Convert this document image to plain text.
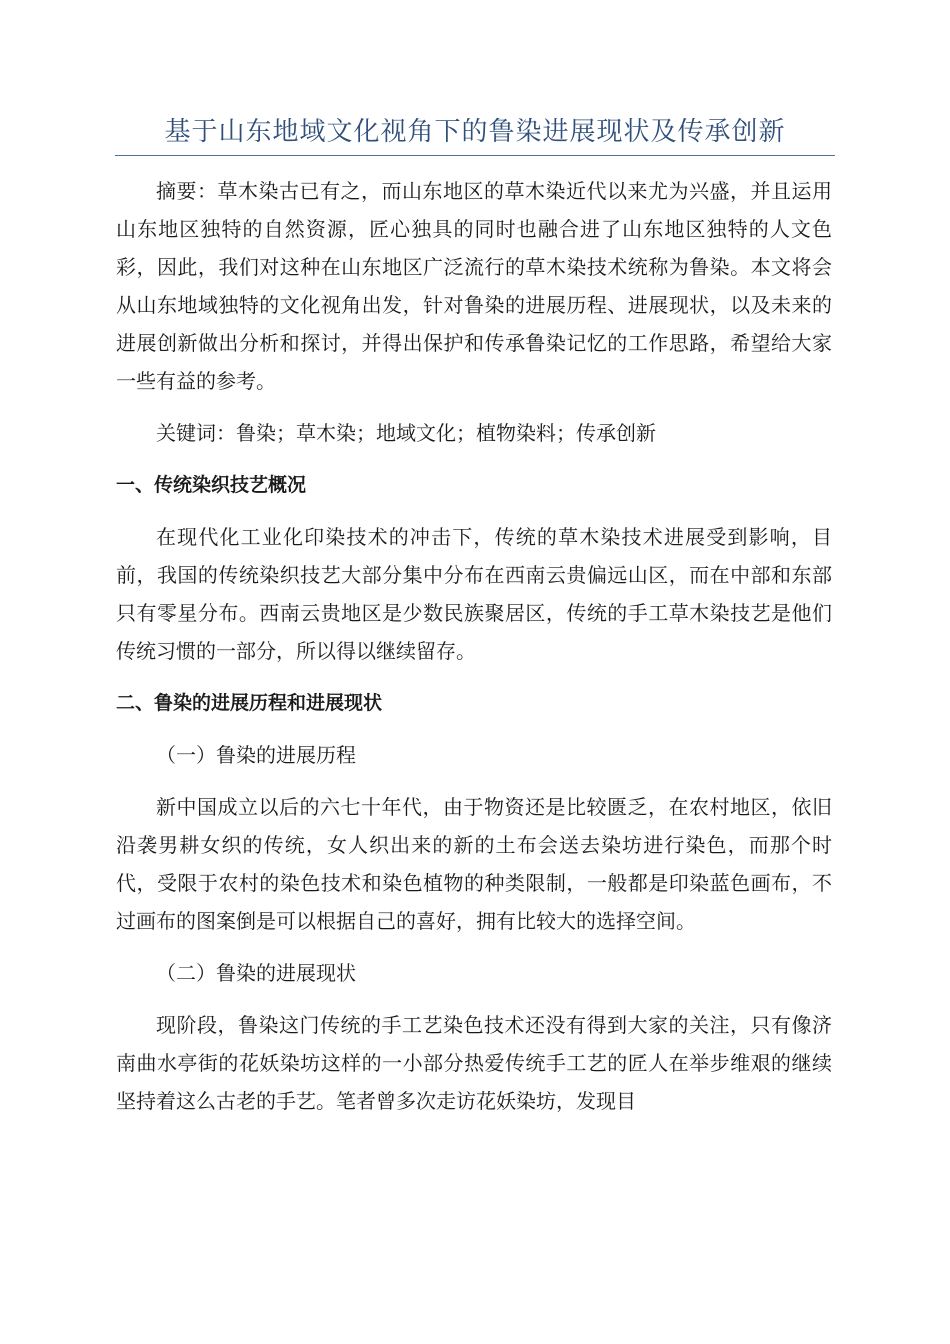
基于山东地域文化视角下的鲁染进展现状及传承创新

摘要：草木染古已有之，而山东地区的草木染近代以来尤为兴盛，并且运用山东地区独特的自然资源，匠心独具的同时也融合进了山东地区独特的人文色彩，因此，我们对这种在山东地区广泛流行的草木染技术统称为鲁染。本文将会从山东地域独特的文化视角出发，针对鲁染的进展历程、进展现状，以及未来的进展创新做出分析和探讨，并得出保护和传承鲁染记忆的工作思路，希望给大家一些有益的参考。

关键词：鲁染；草木染；地域文化；植物染料；传承创新

一、传统染织技艺概况

在现代化工业化印染技术的冲击下，传统的草木染技术进展受到影响，目前，我国的传统染织技艺大部分集中分布在西南云贵偏远山区，而在中部和东部只有零星分布。西南云贵地区是少数民族聚居区，传统的手工草木染技艺是他们传统习惯的一部分，所以得以继续留存。

二、鲁染的进展历程和进展现状
（一）鲁染的进展历程

新中国成立以后的六七十年代，由于物资还是比较匮乏，在农村地区，依旧沿袭男耕女织的传统，女人织出来的新的土布会送去染坊进行染色，而那个时代，受限于农村的染色技术和染色植物的种类限制，一般都是印染蓝色画布，不过画布的图案倒是可以根据自己的喜好，拥有比较大的选择空间。

（二）鲁染的进展现状

现阶段，鲁染这门传统的手工艺染色技术还没有得到大家的关注，只有像济南曲水亭街的花妖染坊这样的一小部分热爱传统手工艺的匠人在举步维艰的继续坚持着这么古老的手艺。笔者曾多次走访花妖染坊，发现目
